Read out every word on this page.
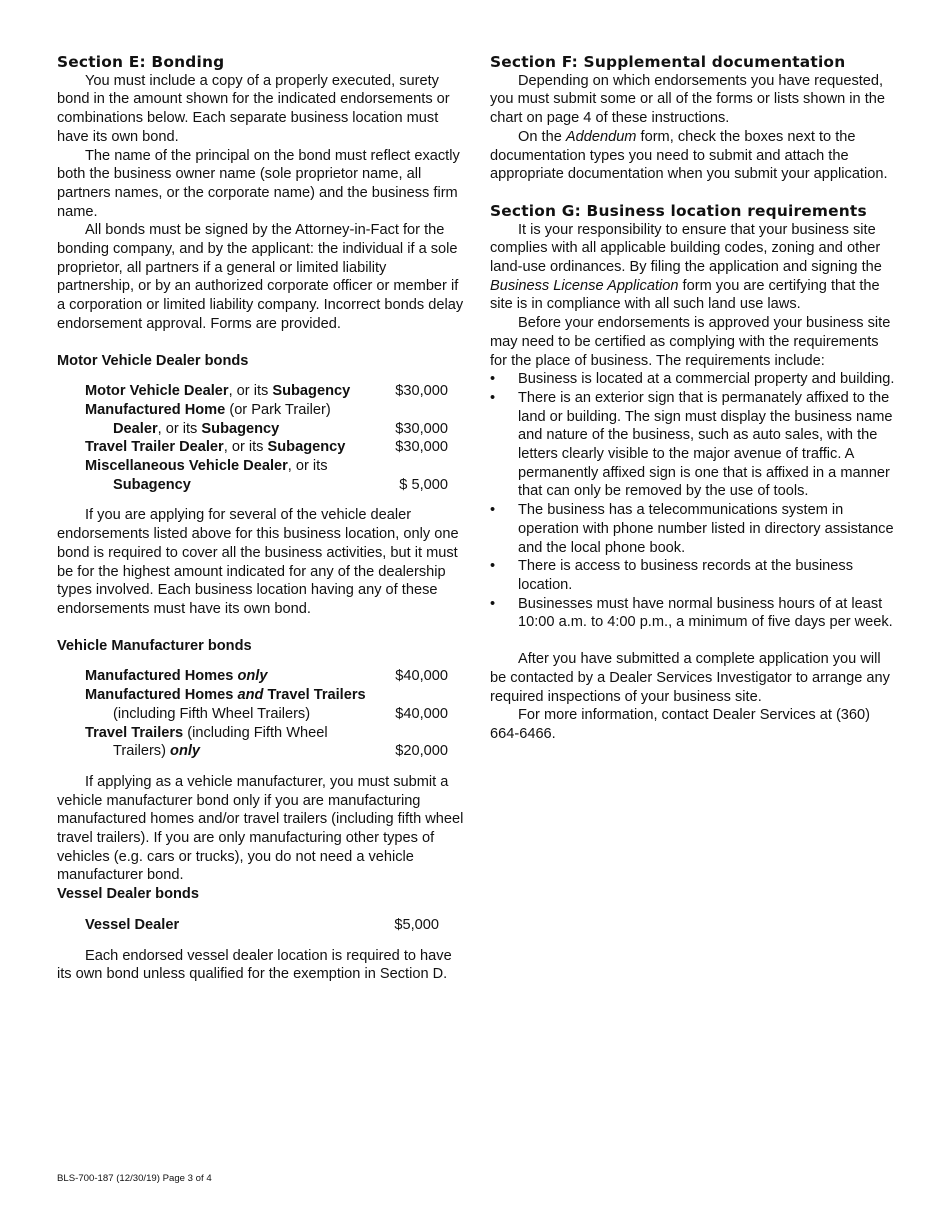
Section E: Bonding

You must include a copy of a properly executed, surety bond in the amount shown for the indicated endorsements or combinations below. Each separate business location must have its own bond.

The name of the principal on the bond must reflect exactly both the business owner name (sole proprietor name, all partners names, or the corporate name) and the business firm name.

All bonds must be signed by the Attorney-in-Fact for the bonding company, and by the applicant: the individual if a sole proprietor, all partners if a general or limited liability partnership, or by an authorized corporate officer or member if a corporation or limited liability company. Incorrect bonds delay endorsement approval. Forms are provided.

Motor Vehicle Dealer bonds

Motor Vehicle Dealer, or its Subagency	$30,000
Manufactured Home (or Park Trailer)
Dealer, or its Subagency	$30,000
Travel Trailer Dealer, or its Subagency	$30,000
Miscellaneous Vehicle Dealer, or its
Subagency	$ 5,000

If you are applying for several of the vehicle dealer endorsements listed above for this business location, only one bond is required to cover all the business activities, but it must be for the highest amount indicated for any of the dealership types involved. Each business location having any of these endorsements must have its own bond.

Vehicle Manufacturer bonds

Manufactured Homes only	$40,000
Manufactured Homes and Travel Trailers
(including Fifth Wheel Trailers)	$40,000
Travel Trailers (including Fifth Wheel
Trailers) only	$20,000

If applying as a vehicle manufacturer, you must submit a vehicle manufacturer bond only if you are manufacturing manufactured homes and/or travel trailers (including fifth wheel travel trailers). If you are only manufacturing other types of vehicles (e.g. cars or trucks), you do not need a vehicle manufacturer bond.

Vessel Dealer bonds

Vessel Dealer	$5,000

Each endorsed vessel dealer location is required to have its own bond unless qualified for the exemption in Section D.

Section F: Supplemental documentation

Depending on which endorsements you have requested, you must submit some or all of the forms or lists shown in the chart on page 4 of these instructions.

On the Addendum form, check the boxes next to the documentation types you need to submit and attach the appropriate documentation when you submit your application.

Section G: Business location requirements

It is your responsibility to ensure that your business site complies with all applicable building codes, zoning and other land-use ordinances. By filing the application and signing the Business License Application form you are certifying that the site is in compliance with all such land use laws.

Before your endorsements is approved your business site may need to be certified as complying with the requirements for the place of business. The requirements include:

• Business is located at a commercial property and building.
• There is an exterior sign that is permanately affixed to the land or building. The sign must display the business name and nature of the business, such as auto sales, with the letters clearly visible to the major avenue of traffic. A permanently affixed sign is one that is affixed in a manner that can only be removed by the use of tools.
• The business has a telecommunications system in operation with phone number listed in directory assistance and the local phone book.
• There is access to business records at the business location.
• Businesses must have normal business hours of at least 10:00 a.m. to 4:00 p.m., a minimum of five days per week.

After you have submitted a complete application you will be contacted by a Dealer Services Investigator to arrange any required inspections of your business site.

For more information, contact Dealer Services at (360) 664-6466.

BLS-700-187 (12/30/19) Page 3 of 4
